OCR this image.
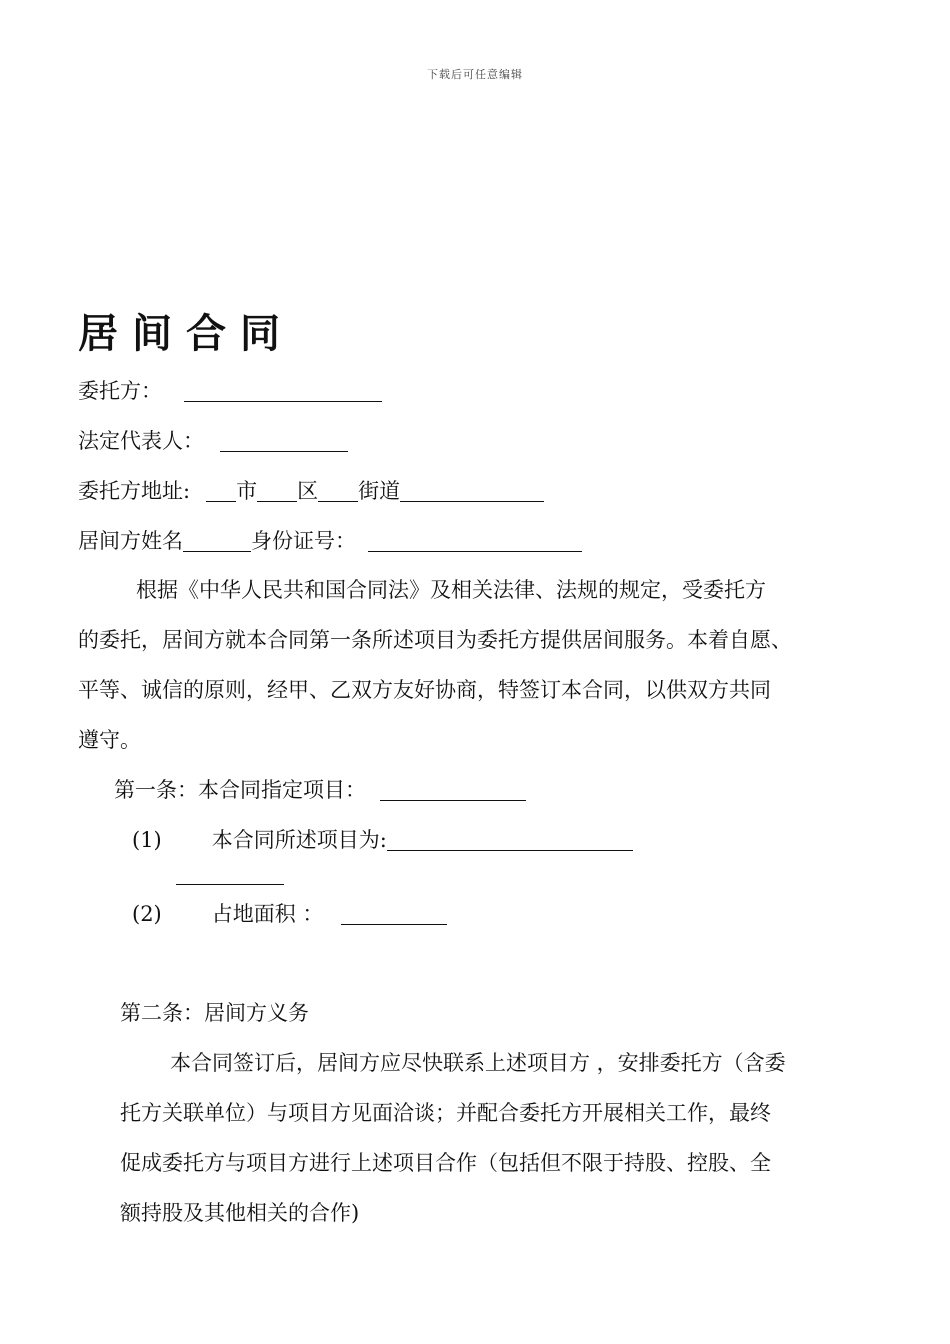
下载后可任意编辑
居间合同
委托方：
法定代表人：
委托方地址: 市 区 街道
居间方姓名	身份证号：
根据《中华人民共和国合同法》及相关法律、法规的规定，受委托方
的委托，居间方就本合同第一条所述项目为委托方提供居间服务。本着自愿、
平等、诚信的原则，经甲、乙双方友好协商，特签订本合同，以供双方共同
遵守。
第一条：本合同指定项目：
(1) 本合同所述项目为:
(2) 占地面积 ：
第二条：居间方义务
本合同签订后，居间方应尽快联系上述项目方 ，安排委托方（含委
托方关联单位）与项目方见面洽谈；并配合委托方开展相关工作，最终
促成委托方与项目方进行上述项目合作（包括但不限于持股、控股、全
额持股及其他相关的合作)
